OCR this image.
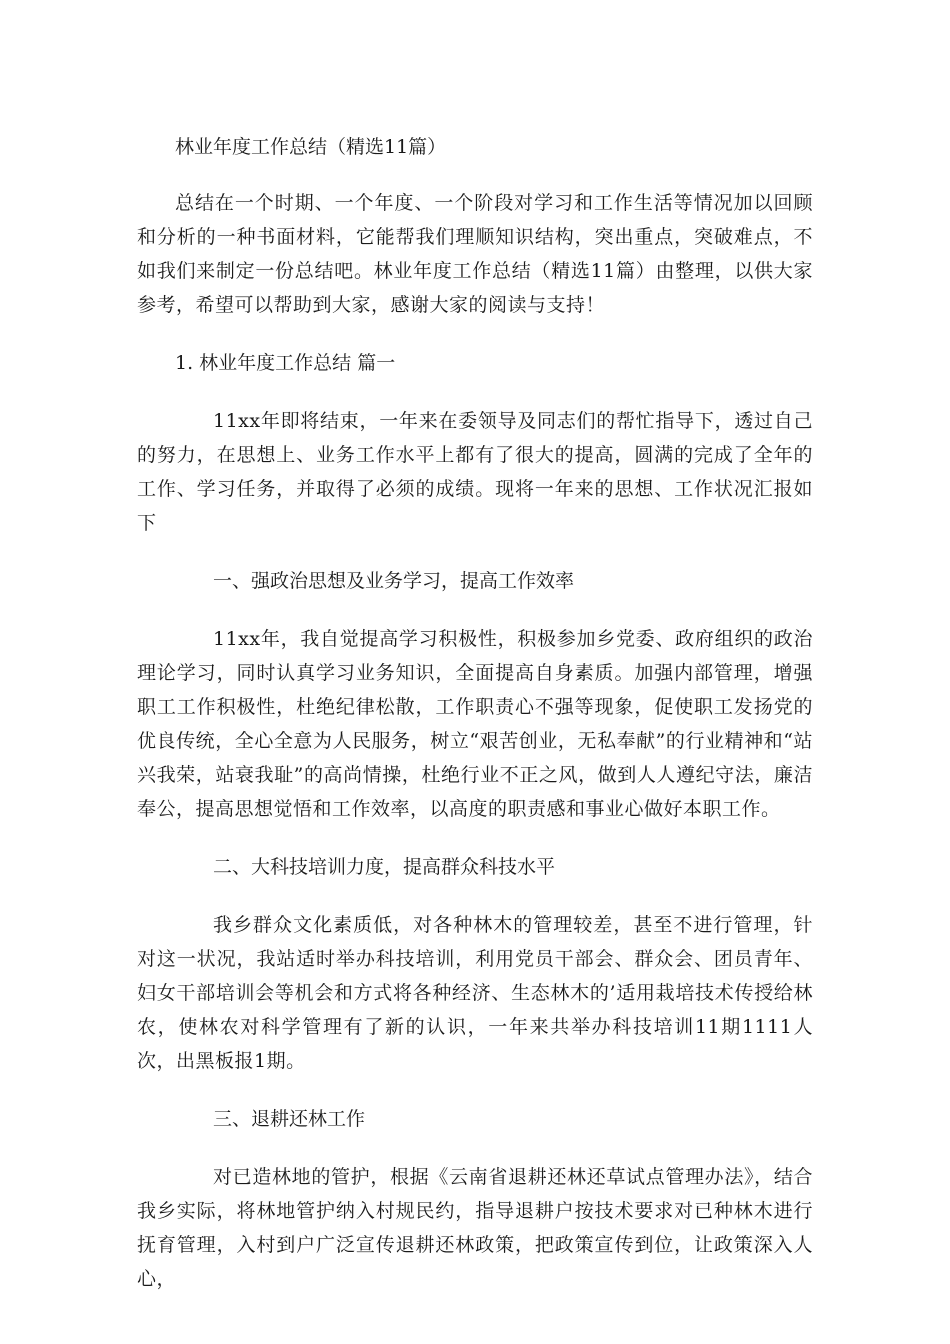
林业年度工作总结（精选11篇）

总结在一个时期、一个年度、一个阶段对学习和工作生活等情况加以回顾和分析的一种书面材料，它能帮我们理顺知识结构，突出重点，突破难点，不如我们来制定一份总结吧。林业年度工作总结（精选11篇）由整理，以供大家参考，希望可以帮助到大家，感谢大家的阅读与支持！

1. 林业年度工作总结 篇一

11xx年即将结束，一年来在委领导及同志们的帮忙指导下，透过自己的努力，在思想上、业务工作水平上都有了很大的提高，圆满的完成了全年的工作、学习任务，并取得了必须的成绩。现将一年来的思想、工作状况汇报如下

一、强政治思想及业务学习，提高工作效率

11xx年，我自觉提高学习积极性，积极参加乡党委、政府组织的政治理论学习，同时认真学习业务知识，全面提高自身素质。加强内部管理，增强职工工作积极性，杜绝纪律松散，工作职责心不强等现象，促使职工发扬党的优良传统，全心全意为人民服务，树立“艰苦创业，无私奉献”的行业精神和“站兴我荣，站衰我耻”的高尚情操，杜绝行业不正之风，做到人人遵纪守法，廉洁奉公，提高思想觉悟和工作效率，以高度的职责感和事业心做好本职工作。

二、大科技培训力度，提高群众科技水平

我乡群众文化素质低，对各种林木的管理较差，甚至不进行管理，针对这一状况，我站适时举办科技培训，利用党员干部会、群众会、团员青年、妇女干部培训会等机会和方式将各种经济、生态林木的’适用栽培技术传授给林农，使林农对科学管理有了新的认识，一年来共举办科技培训11期1111人次，出黑板报1期。

三、退耕还林工作

对已造林地的管护，根据《云南省退耕还林还草试点管理办法》，结合我乡实际，将林地管护纳入村规民约，指导退耕户按技术要求对已种林木进行抚育管理，入村到户广泛宣传退耕还林政策，把政策宣传到位，让政策深入人心，
